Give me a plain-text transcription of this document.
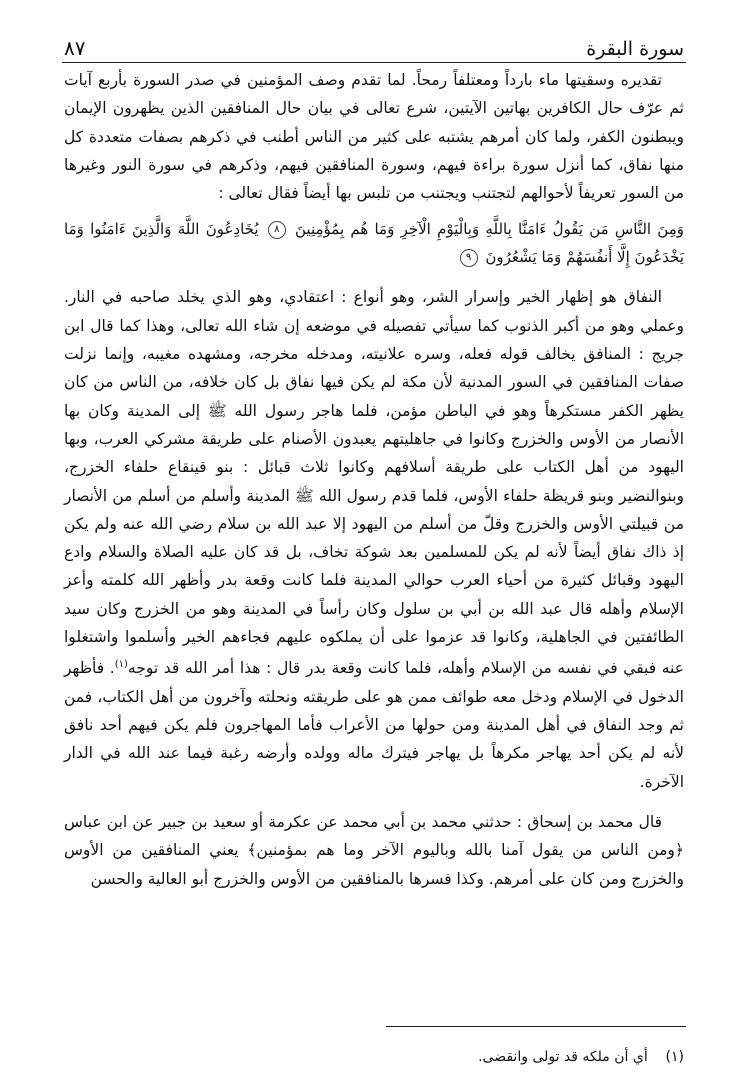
سورة البقرة
٨٧

تقديره وسقيتها ماء بارداً ومعتلفاً رمحاً. لما تقدم وصف المؤمنين في صدر السورة بأربع آيات ثم عرّف حال الكافرين بهاتين الآيتين، شرع تعالى في بيان حال المنافقين الذين يظهرون الإيمان ويبطنون الكفر، ولما كان أمرهم يشتبه على كثير من الناس أطنب في ذكرهم بصفات متعددة كل منها نفاق، كما أنزل سورة براءة فيهم، وسورة المنافقين فيهم، وذكرهم في سورة النور وغيرها من السور تعريفاً لأحوالهم لتجتنب ويجتنب من تلبس بها أيضاً فقال تعالى :

وَمِنَ النَّاسِ مَن يَقُولُ ءَامَنَّا بِاللَّهِ وَبِالْيَوْمِ الْآخِرِ وَمَا هُم بِمُؤْمِنِينَ ٨ يُخَادِعُونَ اللَّهَ وَالَّذِينَ ءَامَنُوا وَمَا يَخْدَعُونَ إِلَّا أَنفُسَهُمْ وَمَا يَشْعُرُونَ ٩

النفاق هو إظهار الخير وإسرار الشر، وهو أنواع : اعتقادي، وهو الذي يخلد صاحبه في النار. وعملي وهو من أكبر الذنوب كما سيأتي تفصيله في موضعه إن شاء الله تعالى، وهذا كما قال ابن جريج : المنافق يخالف قوله فعله، وسره علانيته، ومدخله مخرجه، ومشهده مغيبه، وإنما نزلت صفات المنافقين في السور المدنية لأن مكة لم يكن فيها نفاق بل كان خلافه، من الناس من كان يظهر الكفر مستكرهاً وهو في الباطن مؤمن، فلما هاجر رسول الله ﷺ إلى المدينة وكان بها الأنصار من الأوس والخزرج وكانوا في جاهليتهم يعبدون الأصنام على طريقة مشركي العرب، وبها اليهود من أهل الكتاب على طريقة أسلافهم وكانوا ثلاث قبائل : بنو قينقاع حلفاء الخزرج، وبنوالنضير وبنو قريظة حلفاء الأوس، فلما قدم رسول الله ﷺ المدينة وأسلم من أسلم من الأنصار من قبيلتي الأوس والخزرج وقلّ من أسلم من اليهود إلا عبد الله بن سلام رضي الله عنه ولم يكن إذ ذاك نفاق أيضاً لأنه لم يكن للمسلمين بعد شوكة تخاف، بل قد كان عليه الصلاة والسلام وادع اليهود وقبائل كثيرة من أحياء العرب حوالي المدينة فلما كانت وقعة بدر وأظهر الله كلمته وأعز الإسلام وأهله قال عبد الله بن أبي بن سلول وكان رأساً في المدينة وهو من الخزرج وكان سيد الطائفتين في الجاهلية، وكانوا قد عزموا على أن يملكوه عليهم فجاءهم الخير وأسلموا واشتغلوا عنه فبقي في نفسه من الإسلام وأهله، فلما كانت وقعة بدر قال : هذا أمر الله قد توجه$^{(١)}$. فأظهر الدخول في الإسلام ودخل معه طوائف ممن هو على طريقته ونحلته وآخرون من أهل الكتاب، فمن ثم وجد النفاق في أهل المدينة ومن حولها من الأعراب فأما المهاجرون فلم يكن فيهم أحد نافق لأنه لم يكن أحد يهاجر مكرهاً بل يهاجر فيترك ماله وولده وأرضه رغبة فيما عند الله في الدار الآخرة.

قال محمد بن إسحاق : حدثني محمد بن أبي محمد عن عكرمة أو سعيد بن جبير عن ابن عباس ﴿ومن الناس من يقول آمنا بالله وباليوم الآخر وما هم بمؤمنين﴾ يعني المنافقين من الأوس والخزرج ومن كان على أمرهم. وكذا فسرها بالمنافقين من الأوس والخزرج أبو العالية والحسن

(١)    أي أن ملكه قد تولى وانقضى.
